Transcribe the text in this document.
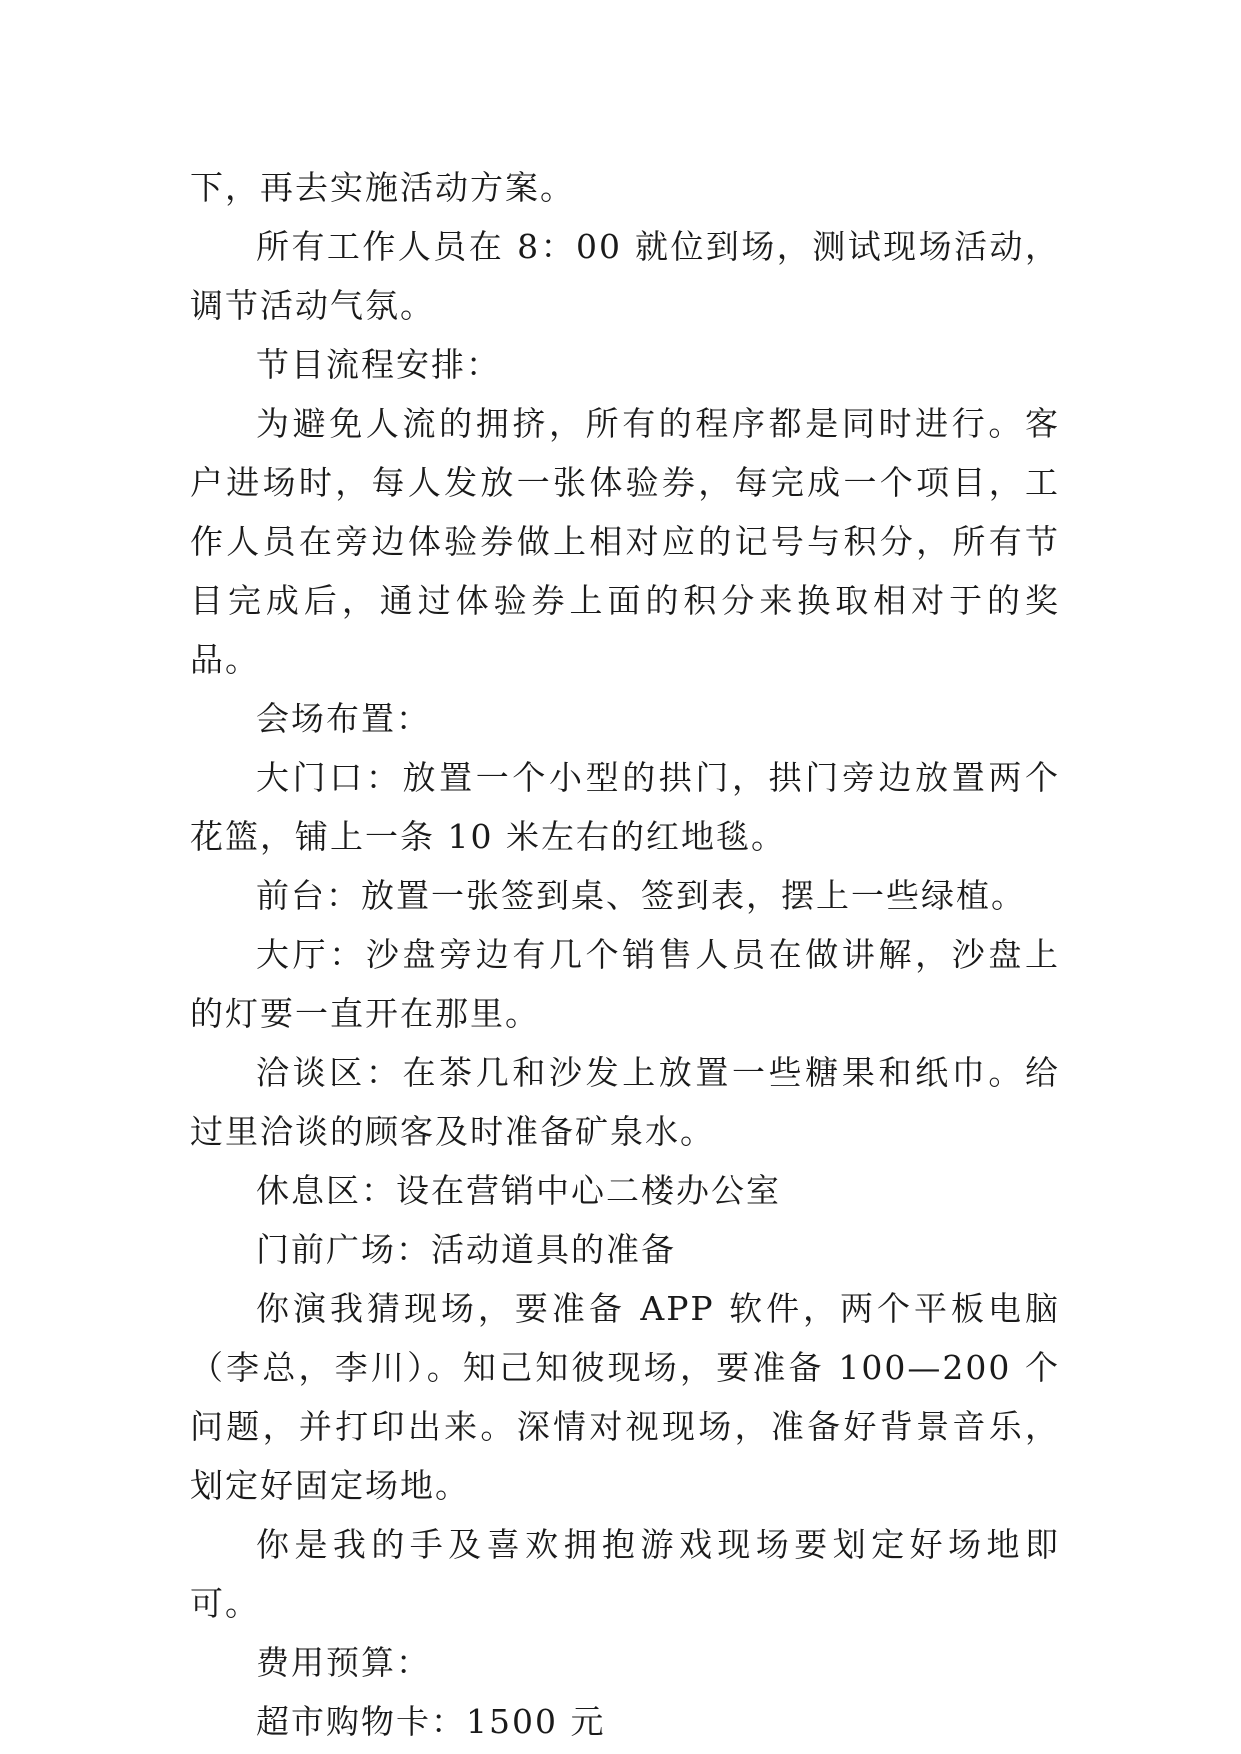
下，再去实施活动方案。

所有工作人员在 8：00 就位到场，测试现场活动，调节活动气氛。

节目流程安排：

为避免人流的拥挤，所有的程序都是同时进行。客户进场时，每人发放一张体验券，每完成一个项目，工作人员在旁边体验券做上相对应的记号与积分，所有节目完成后，通过体验券上面的积分来换取相对于的奖品。

会场布置：

大门口：放置一个小型的拱门，拱门旁边放置两个花篮，铺上一条 10 米左右的红地毯。

前台：放置一张签到桌、签到表，摆上一些绿植。

大厅：沙盘旁边有几个销售人员在做讲解，沙盘上的灯要一直开在那里。

洽谈区：在茶几和沙发上放置一些糖果和纸巾。给过里洽谈的顾客及时准备矿泉水。

休息区：设在营销中心二楼办公室

门前广场：活动道具的准备

你演我猜现场，要准备 APP 软件，两个平板电脑（李总，李川）。知己知彼现场，要准备 100—200 个问题，并打印出来。深情对视现场，准备好背景音乐，划定好固定场地。

你是我的手及喜欢拥抱游戏现场要划定好场地即可。

费用预算：

超市购物卡：1500 元
